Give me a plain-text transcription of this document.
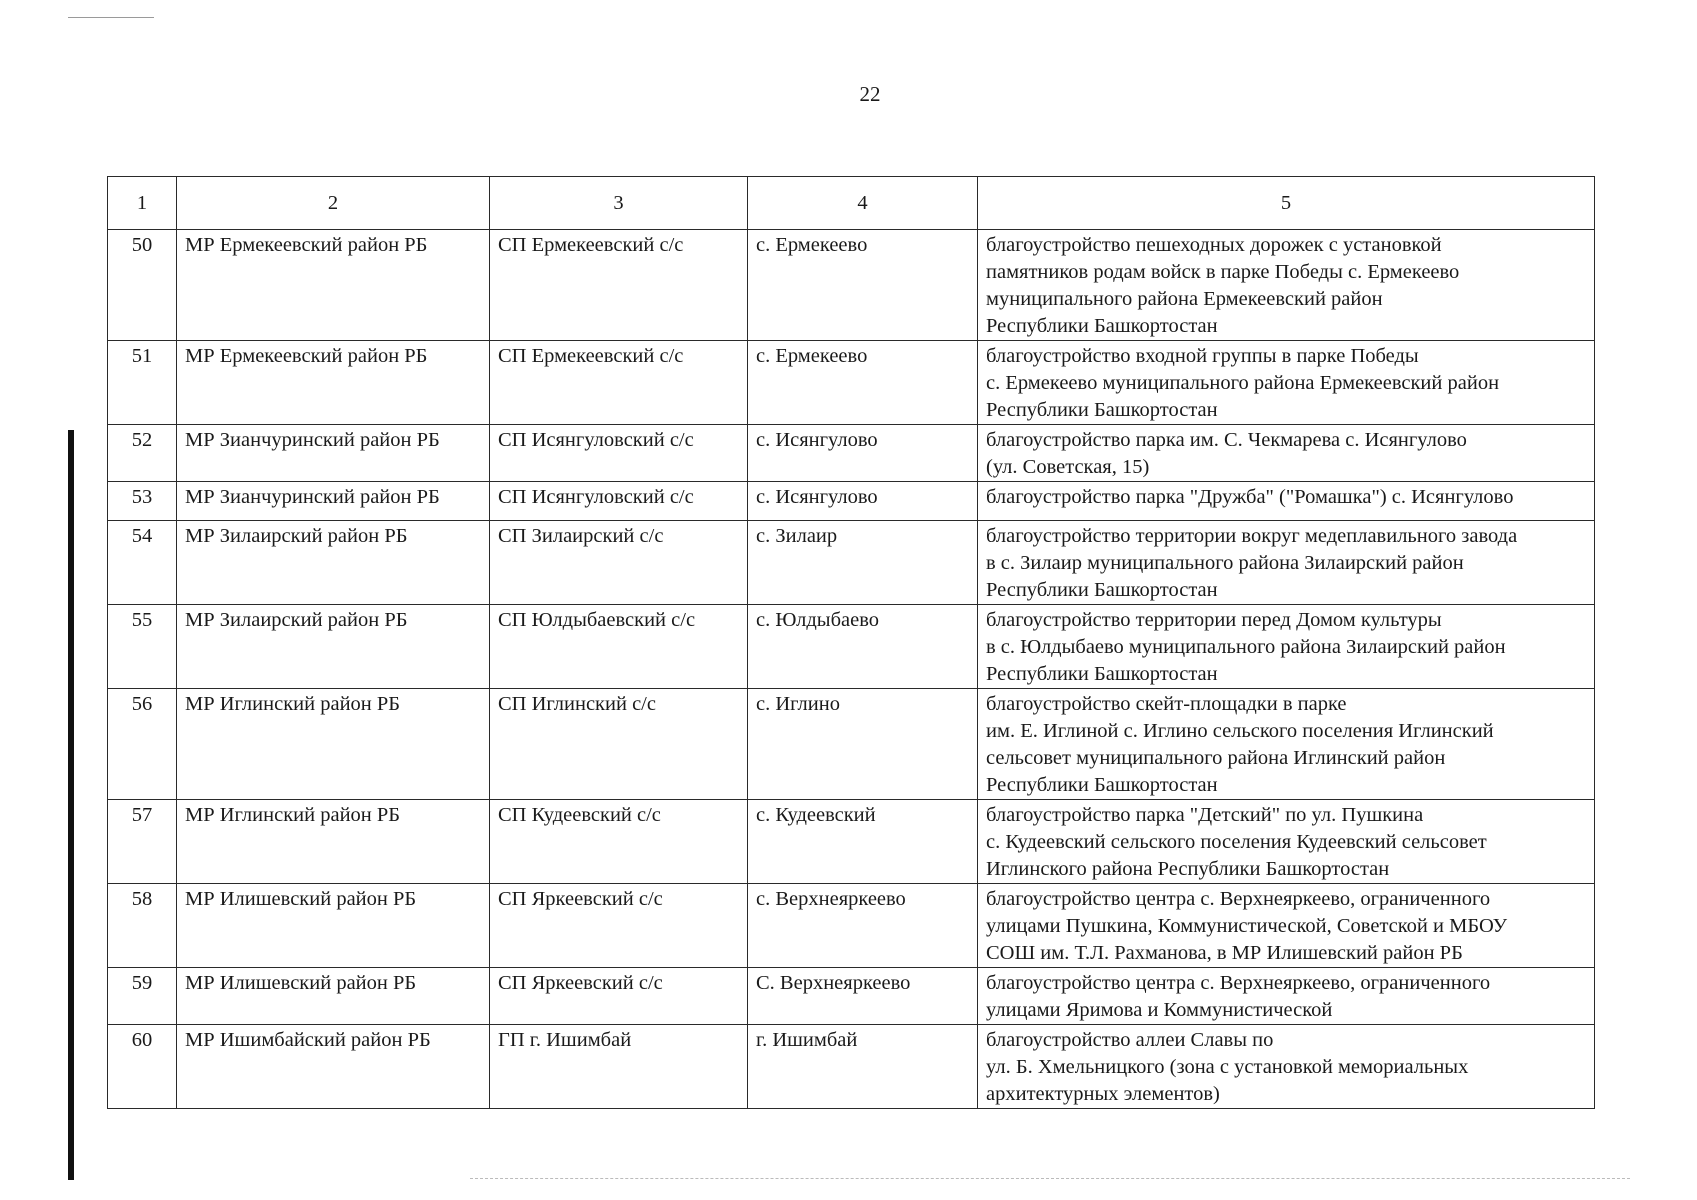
22
1	2	3	4	5
50	МР Ермекеевский район РБ	СП Ермекеевский с/с	с. Ермекеево	благоустройство пешеходных дорожек с установкой
памятников родам войск в парке Победы с. Ермекеево
муниципального района Ермекеевский район
Республики Башкортостан
51	МР Ермекеевский район РБ	СП Ермекеевский с/с	с. Ермекеево	благоустройство входной группы в парке Победы
с. Ермекеево муниципального района Ермекеевский район
Республики Башкортостан
52	МР Зианчуринский район РБ	СП Исянгуловский с/с	с. Исянгулово	благоустройство парка им. С. Чекмарева с. Исянгулово
(ул. Советская, 15)
53	МР Зианчуринский район РБ	СП Исянгуловский с/с	с. Исянгулово	благоустройство парка "Дружба" ("Ромашка") с. Исянгулово
54	МР Зилаирский район РБ	СП Зилаирский с/с	с. Зилаир	благоустройство территории вокруг медеплавильного завода
в с. Зилаир муниципального района Зилаирский район
Республики Башкортостан
55	МР Зилаирский район РБ	СП Юлдыбаевский с/с	с. Юлдыбаево	благоустройство территории перед Домом культуры
в с. Юлдыбаево муниципального района Зилаирский район
Республики Башкортостан
56	МР Иглинский район РБ	СП Иглинский с/с	с. Иглино	благоустройство скейт-площадки в парке
им. Е. Иглиной с. Иглино сельского поселения Иглинский
сельсовет муниципального района Иглинский район
Республики Башкортостан
57	МР Иглинский район РБ	СП Кудеевский с/с	с. Кудеевский	благоустройство парка "Детский" по ул. Пушкина
с. Кудеевский сельского поселения Кудеевский сельсовет
Иглинского района Республики Башкортостан
58	МР Илишевский район РБ	СП Яркеевский с/с	с. Верхнеяркеево	благоустройство центра с. Верхнеяркеево, ограниченного
улицами Пушкина, Коммунистической, Советской и МБОУ
СОШ им. Т.Л. Рахманова, в МР Илишевский район РБ
59	МР Илишевский район РБ	СП Яркеевский с/с	С. Верхнеяркеево	благоустройство центра с. Верхнеяркеево, ограниченного
улицами Яримова и Коммунистической
60	МР Ишимбайский район РБ	ГП г. Ишимбай	г. Ишимбай	благоустройство аллеи Славы по
ул. Б. Хмельницкого (зона с установкой мемориальных
архитектурных элементов)
